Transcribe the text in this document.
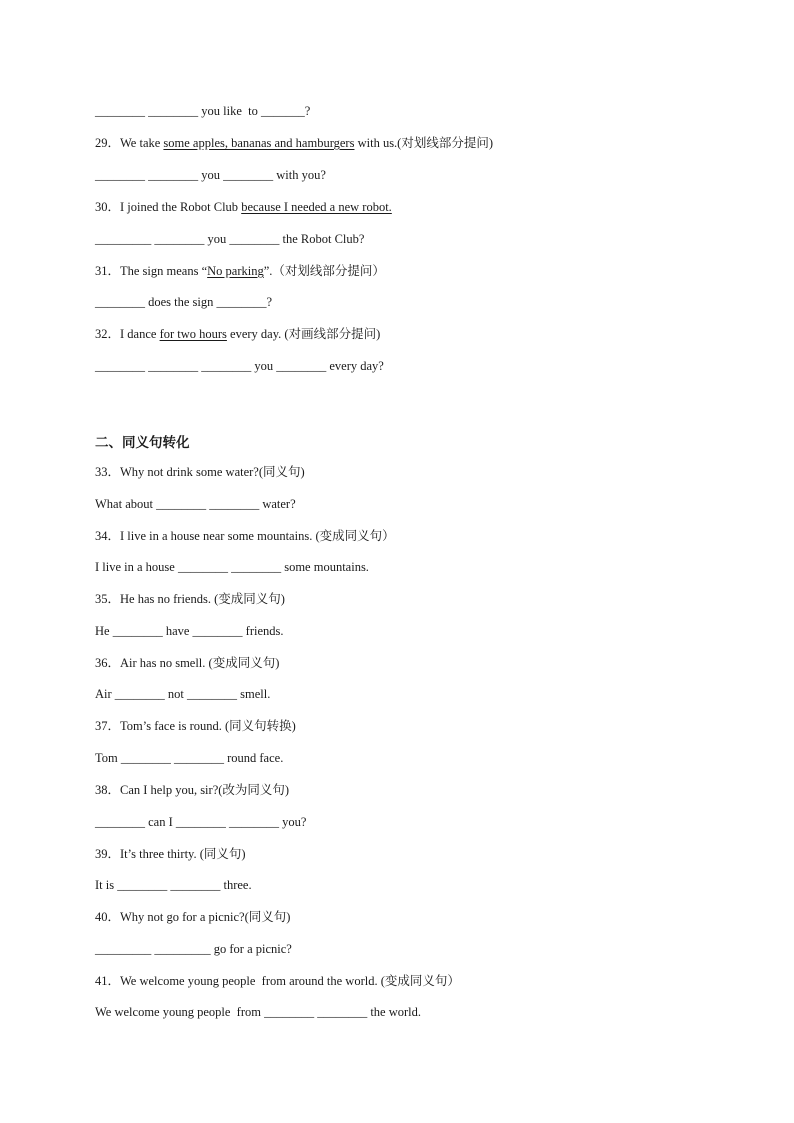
________ ________ you like  to _______?
29．We take some apples, bananas and hamburgers with us.(对划线部分提问)
________ ________ you ________ with you?
30．I joined the Robot Club because I needed a new robot.
_________ ________ you ________ the Robot Club?
31．The sign means “No parking”.（对划线部分提问）
________ does the sign ________?
32．I dance for two hours every day. (对画线部分提问)
________ ________ ________ you ________ every day?
二、同义句转化
33．Why not drink some water?(同义句)
What about ________ ________ water?
34．I live in a house near some mountains. (变成同义句）
I live in a house ________ ________ some mountains.
35．He has no friends. (变成同义句)
He ________ have ________ friends.
36．Air has no smell. (变成同义句)
Air ________ not ________ smell.
37．Tom’s face is round. (同义句转换)
Tom ________ ________ round face.
38．Can I help you, sir?(改为同义句)
________ can I ________ ________ you?
39．It’s three thirty. (同义句)
It is ________ ________ three.
40．Why not go for a picnic?(同义句)
_________ _________ go for a picnic?
41．We welcome young people  from around the world. (变成同义句）
We welcome young people  from ________ ________ the world.
